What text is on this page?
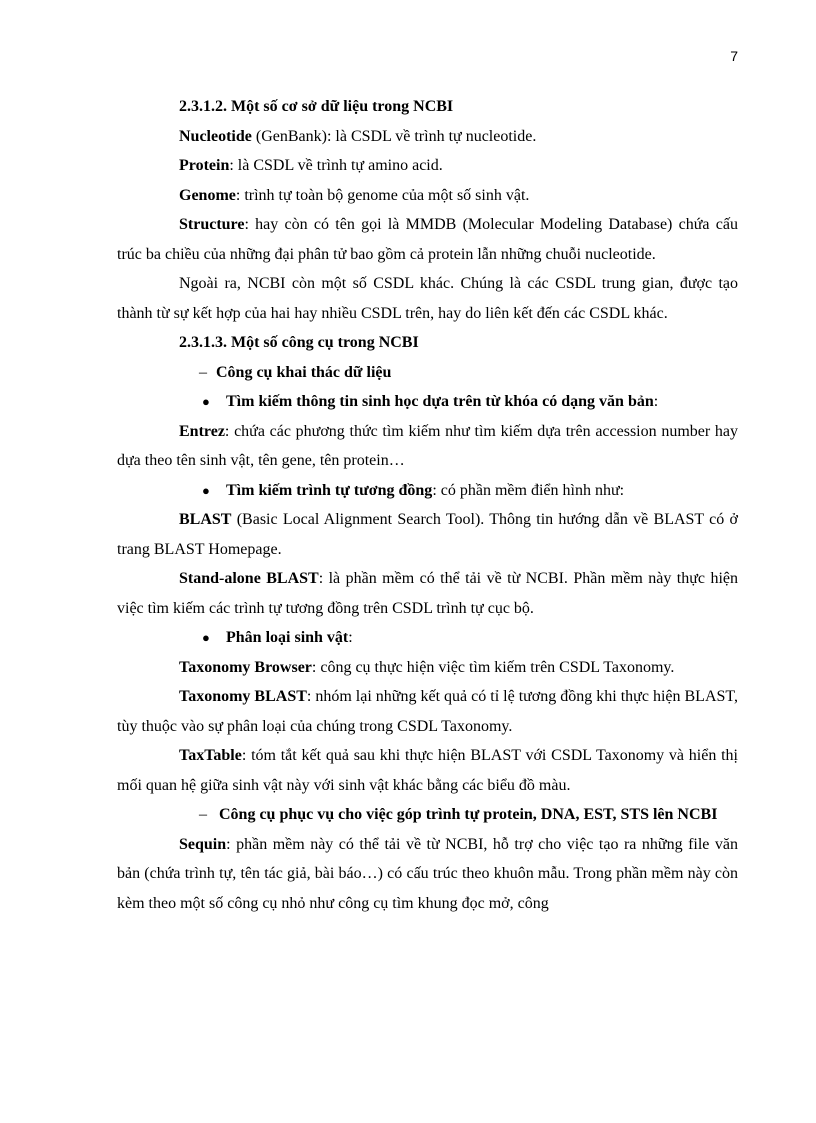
7

2.3.1.2. Một số cơ sở dữ liệu trong NCBI

Nucleotide (GenBank): là CSDL về trình tự nucleotide.

Protein: là CSDL về trình tự amino acid.

Genome: trình tự toàn bộ genome của một số sinh vật.

Structure: hay còn có tên gọi là MMDB (Molecular Modeling Database) chứa cấu trúc ba chiều của những đại phân tử bao gồm cả protein lẫn những chuỗi nucleotide.

Ngoài ra, NCBI còn một số CSDL khác. Chúng là các CSDL trung gian, được tạo thành từ sự kết hợp của hai hay nhiều CSDL trên, hay do liên kết đến các CSDL khác.

2.3.1.3. Một số công cụ trong NCBI

– Công cụ khai thác dữ liệu

● Tìm kiếm thông tin sinh học dựa trên từ khóa có dạng văn bản:

Entrez: chứa các phương thức tìm kiếm như tìm kiếm dựa trên accession number hay dựa theo tên sinh vật, tên gene, tên protein…

● Tìm kiếm trình tự tương đồng: có phần mềm điển hình như:

BLAST (Basic Local Alignment Search Tool). Thông tin hướng dẫn về BLAST có ở trang BLAST Homepage.

Stand-alone BLAST: là phần mềm có thể tải về từ NCBI. Phần mềm này thực hiện việc tìm kiếm các trình tự tương đồng trên CSDL trình tự cục bộ.

● Phân loại sinh vật:

Taxonomy Browser: công cụ thực hiện việc tìm kiếm trên CSDL Taxonomy.

Taxonomy BLAST: nhóm lại những kết quả có tỉ lệ tương đồng khi thực hiện BLAST, tùy thuộc vào sự phân loại của chúng trong CSDL Taxonomy.

TaxTable: tóm tắt kết quả sau khi thực hiện BLAST với CSDL Taxonomy và hiển thị mối quan hệ giữa sinh vật này với sinh vật khác bằng các biểu đồ màu.

– Công cụ phục vụ cho việc góp trình tự protein, DNA, EST, STS lên NCBI

Sequin: phần mềm này có thể tải về từ NCBI, hỗ trợ cho việc tạo ra những file văn bản (chứa trình tự, tên tác giả, bài báo…) có cấu trúc theo khuôn mẫu. Trong phần mềm này còn kèm theo một số công cụ nhỏ như công cụ tìm khung đọc mở, công
